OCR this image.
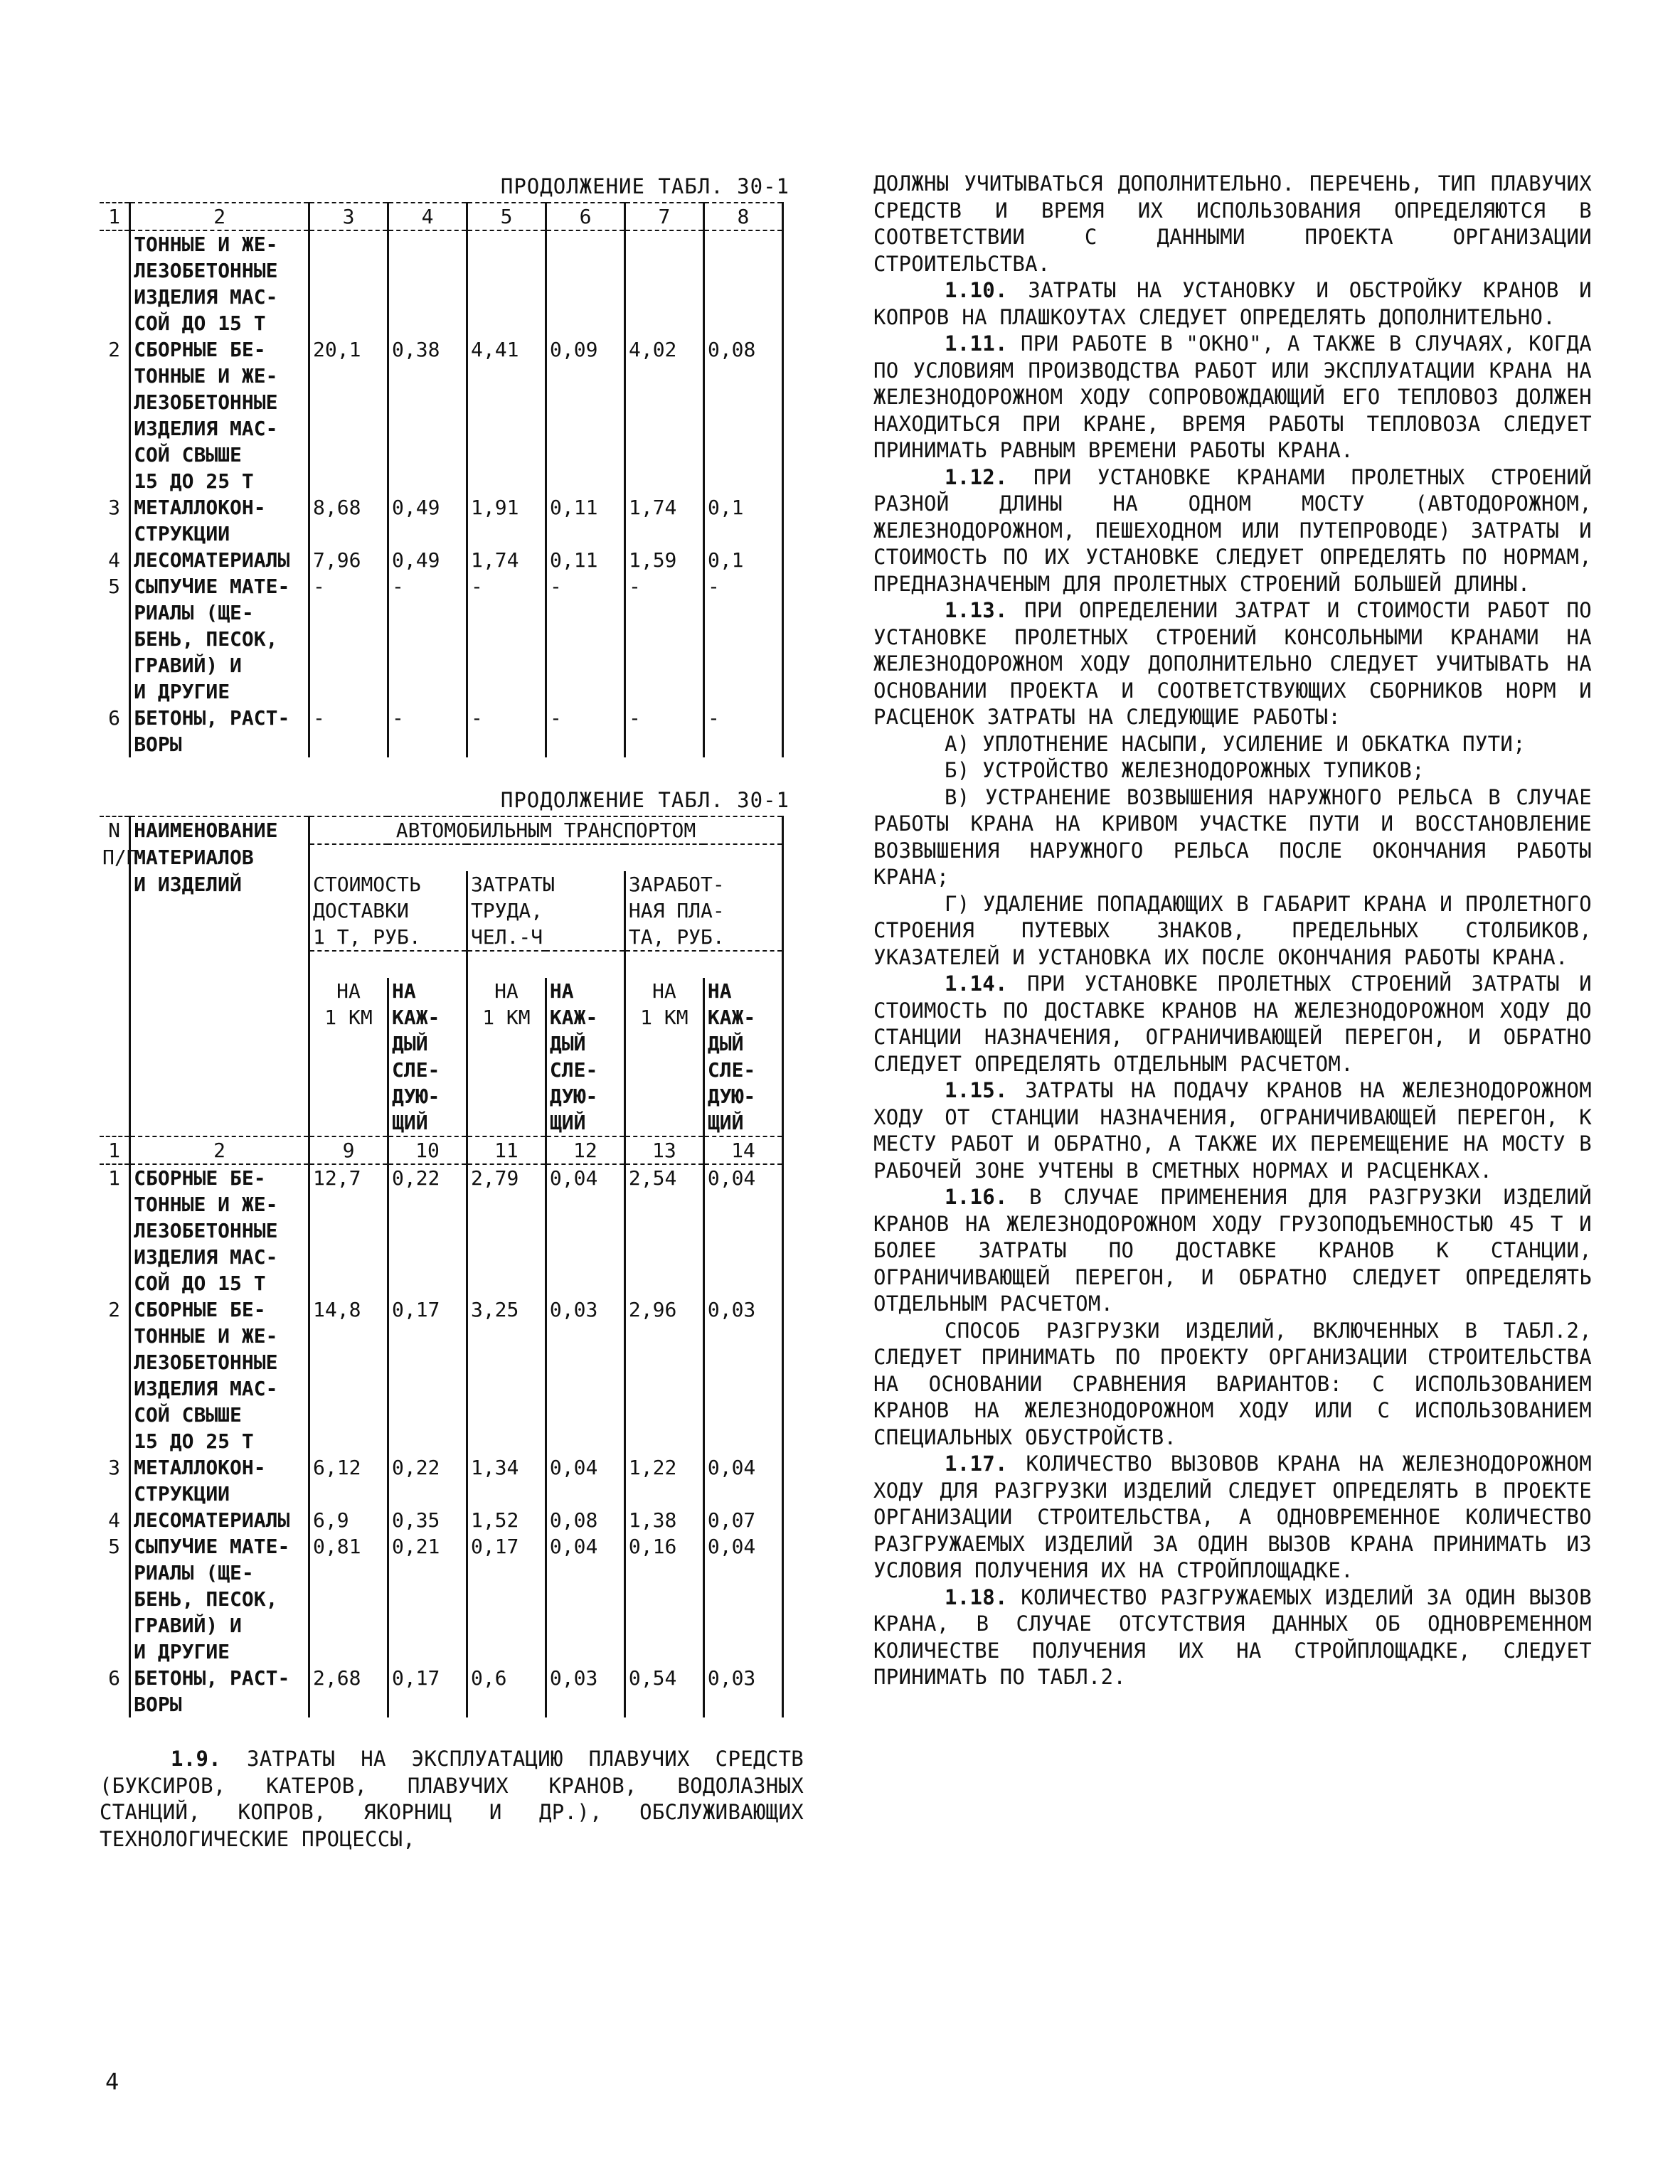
ПРОДОЛЖЕНИЕ ТАБЛ. 30-1
1	2	3	4	5	6	7	8
	ТОННЫЕ И ЖЕ-						
	ЛЕЗОБЕТОННЫЕ						
	ИЗДЕЛИЯ МАС-						
	СОЙ ДО 15 Т						
2	СБОРНЫЕ БЕ-	20,1	0,38	4,41	0,09	4,02	0,08
	ТОННЫЕ И ЖЕ-						
	ЛЕЗОБЕТОННЫЕ						
	ИЗДЕЛИЯ МАС-						
	СОЙ СВЫШЕ						
	15 ДО 25 Т						
3	МЕТАЛЛОКОН-	8,68	0,49	1,91	0,11	1,74	0,1
	СТРУКЦИИ						
4	ЛЕСОМАТЕРИАЛЫ	7,96	0,49	1,74	0,11	1,59	0,1
5	СЫПУЧИЕ МАТЕ-	-	-	-	-	-	-
	РИАЛЫ (ЩЕ-						
	БЕНЬ, ПЕСОК,						
	ГРАВИЙ) И						
	И ДРУГИЕ						
6	БЕТОНЫ, РАСТ-	-	-	-	-	-	-
	ВОРЫ						
ПРОДОЛЖЕНИЕ ТАБЛ. 30-1
N	НАИМЕНОВАНИЕ	АВТОМОБИЛЬНЫМ ТРАНСПОРТОМ					
П/П	МАТЕРИАЛОВ						
	И ИЗДЕЛИЙ	СТОИМОСТЬ		ЗАТРАТЫ		ЗАРАБОТ-	
		ДОСТАВКИ		ТРУДА,		НАЯ ПЛА-	
		1 Т, РУБ.		ЧЕЛ.-Ч		ТА, РУБ.	

		НА	НА	НА	НА	НА	НА
		1 КМ	КАЖ-	1 КМ	КАЖ-	1 КМ	КАЖ-
			ДЫЙ		ДЫЙ		ДЫЙ
			СЛЕ-		СЛЕ-		СЛЕ-
			ДУЮ-		ДУЮ-		ДУЮ-
			ЩИЙ		ЩИЙ		ЩИЙ
1	2	9	10	11	12	13	14
1	СБОРНЫЕ БЕ-	12,7	0,22	2,79	0,04	2,54	0,04
	ТОННЫЕ И ЖЕ-						
	ЛЕЗОБЕТОННЫЕ						
	ИЗДЕЛИЯ МАС-						
	СОЙ ДО 15 Т						
2	СБОРНЫЕ БЕ-	14,8	0,17	3,25	0,03	2,96	0,03
	ТОННЫЕ И ЖЕ-						
	ЛЕЗОБЕТОННЫЕ						
	ИЗДЕЛИЯ МАС-						
	СОЙ СВЫШЕ						
	15 ДО 25 Т						
3	МЕТАЛЛОКОН-	6,12	0,22	1,34	0,04	1,22	0,04
	СТРУКЦИИ						
4	ЛЕСОМАТЕРИАЛЫ	6,9	0,35	1,52	0,08	1,38	0,07
5	СЫПУЧИЕ МАТЕ-	0,81	0,21	0,17	0,04	0,16	0,04
	РИАЛЫ (ЩЕ-						
	БЕНЬ, ПЕСОК,						
	ГРАВИЙ) И						
	И ДРУГИЕ						
6	БЕТОНЫ, РАСТ-	2,68	0,17	0,6	0,03	0,54	0,03
	ВОРЫ						

1.9. ЗАТРАТЫ НА ЭКСПЛУАТАЦИЮ ПЛАВУЧИХ СРЕДСТВ (БУКСИРОВ, КАТЕРОВ, ПЛАВУЧИХ КРАНОВ, ВОДОЛАЗНЫХ СТАНЦИЙ, КОПРОВ, ЯКОРНИЦ И ДР.), ОБСЛУЖИВАЮЩИХ ТЕХНОЛОГИЧЕСКИЕ ПРОЦЕССЫ,

ДОЛЖНЫ УЧИТЫВАТЬСЯ ДОПОЛНИТЕЛЬНО. ПЕРЕЧЕНЬ, ТИП ПЛАВУЧИХ СРЕДСТВ И ВРЕМЯ ИХ ИСПОЛЬЗОВАНИЯ ОПРЕДЕЛЯЮТСЯ В СООТВЕТСТВИИ С ДАННЫМИ ПРОЕКТА ОРГАНИЗАЦИИ СТРОИТЕЛЬСТВА.

1.10. ЗАТРАТЫ НА УСТАНОВКУ И ОБСТРОЙКУ КРАНОВ И КОПРОВ НА ПЛАШКОУТАХ СЛЕДУЕТ ОПРЕДЕЛЯТЬ ДОПОЛНИТЕЛЬНО.

1.11. ПРИ РАБОТЕ В "ОКНО", А ТАКЖЕ В СЛУЧАЯХ, КОГДА ПО УСЛОВИЯМ ПРОИЗВОДСТВА РАБОТ ИЛИ ЭКСПЛУАТАЦИИ КРАНА НА ЖЕЛЕЗНОДОРОЖНОМ ХОДУ СОПРОВОЖДАЮЩИЙ ЕГО ТЕПЛОВОЗ ДОЛЖЕН НАХОДИТЬСЯ ПРИ КРАНЕ, ВРЕМЯ РАБОТЫ ТЕПЛОВОЗА СЛЕДУЕТ ПРИНИМАТЬ РАВНЫМ ВРЕМЕНИ РАБОТЫ КРАНА.

1.12. ПРИ УСТАНОВКЕ КРАНАМИ ПРОЛЕТНЫХ СТРОЕНИЙ РАЗНОЙ ДЛИНЫ НА ОДНОМ МОСТУ (АВТОДОРОЖНОМ, ЖЕЛЕЗНОДОРОЖНОМ, ПЕШЕХОДНОМ ИЛИ ПУТЕПРОВОДЕ) ЗАТРАТЫ И СТОИМОСТЬ ПО ИХ УСТАНОВКЕ СЛЕДУЕТ ОПРЕДЕЛЯТЬ ПО НОРМАМ, ПРЕДНАЗНАЧЕНЫМ ДЛЯ ПРОЛЕТНЫХ СТРОЕНИЙ БОЛЬШЕЙ ДЛИНЫ.

1.13. ПРИ ОПРЕДЕЛЕНИИ ЗАТРАТ И СТОИМОСТИ РАБОТ ПО УСТАНОВКЕ ПРОЛЕТНЫХ СТРОЕНИЙ КОНСОЛЬНЫМИ КРАНАМИ НА ЖЕЛЕЗНОДОРОЖНОМ ХОДУ ДОПОЛНИТЕЛЬНО СЛЕДУЕТ УЧИТЫВАТЬ НА ОСНОВАНИИ ПРОЕКТА И СООТВЕТСТВУЮЩИХ СБОРНИКОВ НОРМ И РАСЦЕНОК ЗАТРАТЫ НА СЛЕДУЮЩИЕ РАБОТЫ:

А) УПЛОТНЕНИЕ НАСЫПИ, УСИЛЕНИЕ И ОБКАТКА ПУТИ;

Б) УСТРОЙСТВО ЖЕЛЕЗНОДОРОЖНЫХ ТУПИКОВ;

В) УСТРАНЕНИЕ ВОЗВЫШЕНИЯ НАРУЖНОГО РЕЛЬСА В СЛУЧАЕ РАБОТЫ КРАНА НА КРИВОМ УЧАСТКЕ ПУТИ И ВОССТАНОВЛЕНИЕ ВОЗВЫШЕНИЯ НАРУЖНОГО РЕЛЬСА ПОСЛЕ ОКОНЧАНИЯ РАБОТЫ КРАНА;

Г) УДАЛЕНИЕ ПОПАДАЮЩИХ В ГАБАРИТ КРАНА И ПРОЛЕТНОГО СТРОЕНИЯ ПУТЕВЫХ ЗНАКОВ, ПРЕДЕЛЬНЫХ СТОЛБИКОВ, УКАЗАТЕЛЕЙ И УСТАНОВКА ИХ ПОСЛЕ ОКОНЧАНИЯ РАБОТЫ КРАНА.

1.14. ПРИ УСТАНОВКЕ ПРОЛЕТНЫХ СТРОЕНИЙ ЗАТРАТЫ И СТОИМОСТЬ ПО ДОСТАВКЕ КРАНОВ НА ЖЕЛЕЗНОДОРОЖНОМ ХОДУ ДО СТАНЦИИ НАЗНАЧЕНИЯ, ОГРАНИЧИВАЮЩЕЙ ПЕРЕГОН, И ОБРАТНО СЛЕДУЕТ ОПРЕДЕЛЯТЬ ОТДЕЛЬНЫМ РАСЧЕТОМ.

1.15. ЗАТРАТЫ НА ПОДАЧУ КРАНОВ НА ЖЕЛЕЗНОДОРОЖНОМ ХОДУ ОТ СТАНЦИИ НАЗНАЧЕНИЯ, ОГРАНИЧИВАЮЩЕЙ ПЕРЕГОН, К МЕСТУ РАБОТ И ОБРАТНО, А ТАКЖЕ ИХ ПЕРЕМЕЩЕНИЕ НА МОСТУ В РАБОЧЕЙ ЗОНЕ УЧТЕНЫ В СМЕТНЫХ НОРМАХ И РАСЦЕНКАХ.

1.16. В СЛУЧАЕ ПРИМЕНЕНИЯ ДЛЯ РАЗГРУЗКИ ИЗДЕЛИЙ КРАНОВ НА ЖЕЛЕЗНОДОРОЖНОМ ХОДУ ГРУЗОПОДЪЕМНОСТЬЮ 45 Т И БОЛЕЕ ЗАТРАТЫ ПО ДОСТАВКЕ КРАНОВ К СТАНЦИИ, ОГРАНИЧИВАЮЩЕЙ ПЕРЕГОН, И ОБРАТНО СЛЕДУЕТ ОПРЕДЕЛЯТЬ ОТДЕЛЬНЫМ РАСЧЕТОМ.

СПОСОБ РАЗГРУЗКИ ИЗДЕЛИЙ, ВКЛЮЧЕННЫХ В ТАБЛ.2, СЛЕДУЕТ ПРИНИМАТЬ ПО ПРОЕКТУ ОРГАНИЗАЦИИ СТРОИТЕЛЬСТВА НА ОСНОВАНИИ СРАВНЕНИЯ ВАРИАНТОВ: С ИСПОЛЬЗОВАНИЕМ КРАНОВ НА ЖЕЛЕЗНОДОРОЖНОМ ХОДУ ИЛИ С ИСПОЛЬЗОВАНИЕМ СПЕЦИАЛЬНЫХ ОБУСТРОЙСТВ.

1.17. КОЛИЧЕСТВО ВЫЗОВОВ КРАНА НА ЖЕЛЕЗНОДОРОЖНОМ ХОДУ ДЛЯ РАЗГРУЗКИ ИЗДЕЛИЙ СЛЕДУЕТ ОПРЕДЕЛЯТЬ В ПРОЕКТЕ ОРГАНИЗАЦИИ СТРОИТЕЛЬСТВА, А ОДНОВРЕМЕННОЕ КОЛИЧЕСТВО РАЗГРУЖАЕМЫХ ИЗДЕЛИЙ ЗА ОДИН ВЫЗОВ КРАНА ПРИНИМАТЬ ИЗ УСЛОВИЯ ПОЛУЧЕНИЯ ИХ НА СТРОЙПЛОЩАДКЕ.

1.18. КОЛИЧЕСТВО РАЗГРУЖАЕМЫХ ИЗДЕЛИЙ ЗА ОДИН ВЫЗОВ КРАНА, В СЛУЧАЕ ОТСУТСТВИЯ ДАННЫХ ОБ ОДНОВРЕМЕННОМ КОЛИЧЕСТВЕ ПОЛУЧЕНИЯ ИХ НА СТРОЙПЛОЩАДКЕ, СЛЕДУЕТ ПРИНИМАТЬ ПО ТАБЛ.2.

4
